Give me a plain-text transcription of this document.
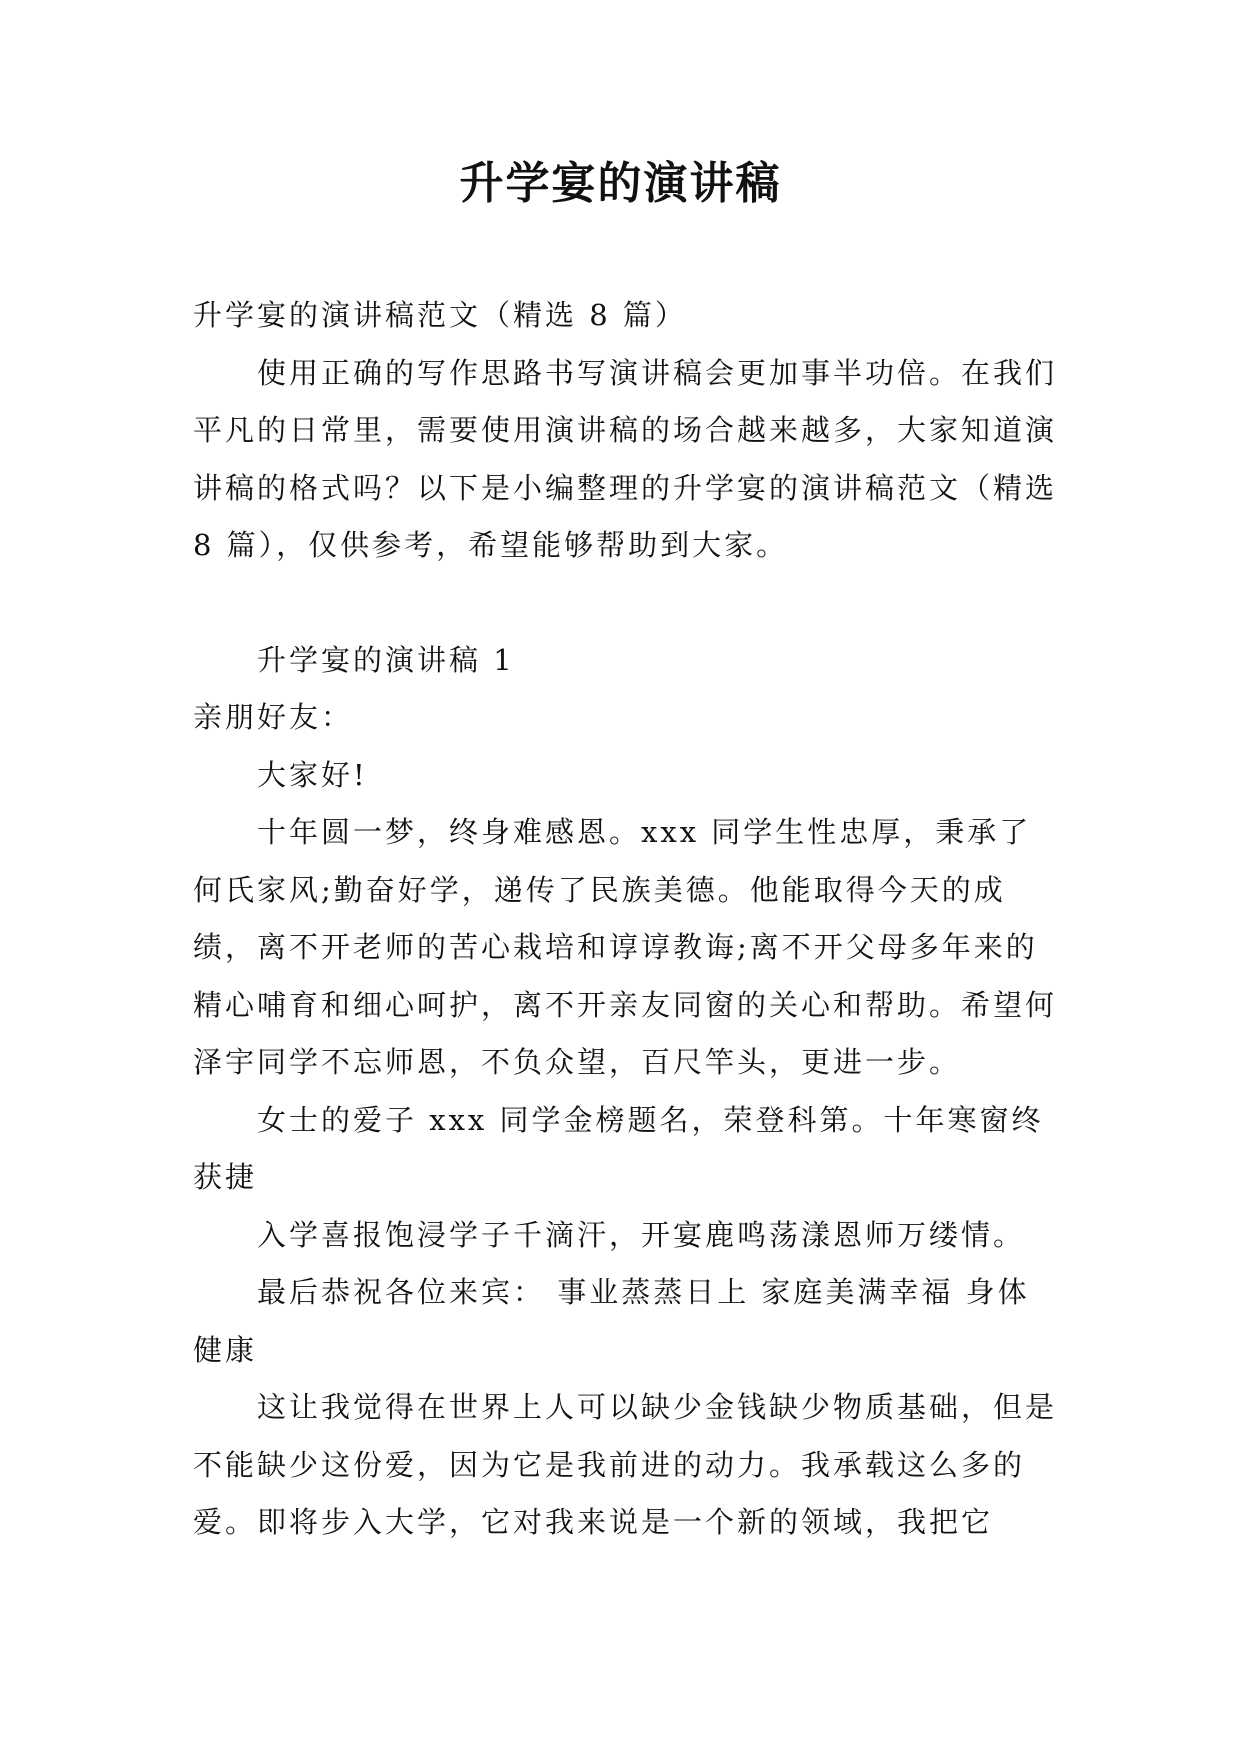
升学宴的演讲稿

升学宴的演讲稿范文（精选 8 篇）

使用正确的写作思路书写演讲稿会更加事半功倍。在我们平凡的日常里，需要使用演讲稿的场合越来越多，大家知道演讲稿的格式吗？以下是小编整理的升学宴的演讲稿范文（精选 8 篇），仅供参考，希望能够帮助到大家。

升学宴的演讲稿 1

亲朋好友：

大家好!

十年圆一梦，终身难感恩。xxx 同学生性忠厚，秉承了何氏家风;勤奋好学，递传了民族美德。他能取得今天的成绩，离不开老师的苦心栽培和谆谆教诲;离不开父母多年来的精心哺育和细心呵护，离不开亲友同窗的关心和帮助。希望何泽宇同学不忘师恩，不负众望，百尺竿头，更进一步。

女士的爱子 xxx 同学金榜题名，荣登科第。十年寒窗终获捷

入学喜报饱浸学子千滴汗，开宴鹿鸣荡漾恩师万缕情。

最后恭祝各位来宾： 事业蒸蒸日上 家庭美满幸福 身体健康

这让我觉得在世界上人可以缺少金钱缺少物质基础，但是不能缺少这份爱，因为它是我前进的动力。我承载这么多的爱。即将步入大学，它对我来说是一个新的领域，我把它
